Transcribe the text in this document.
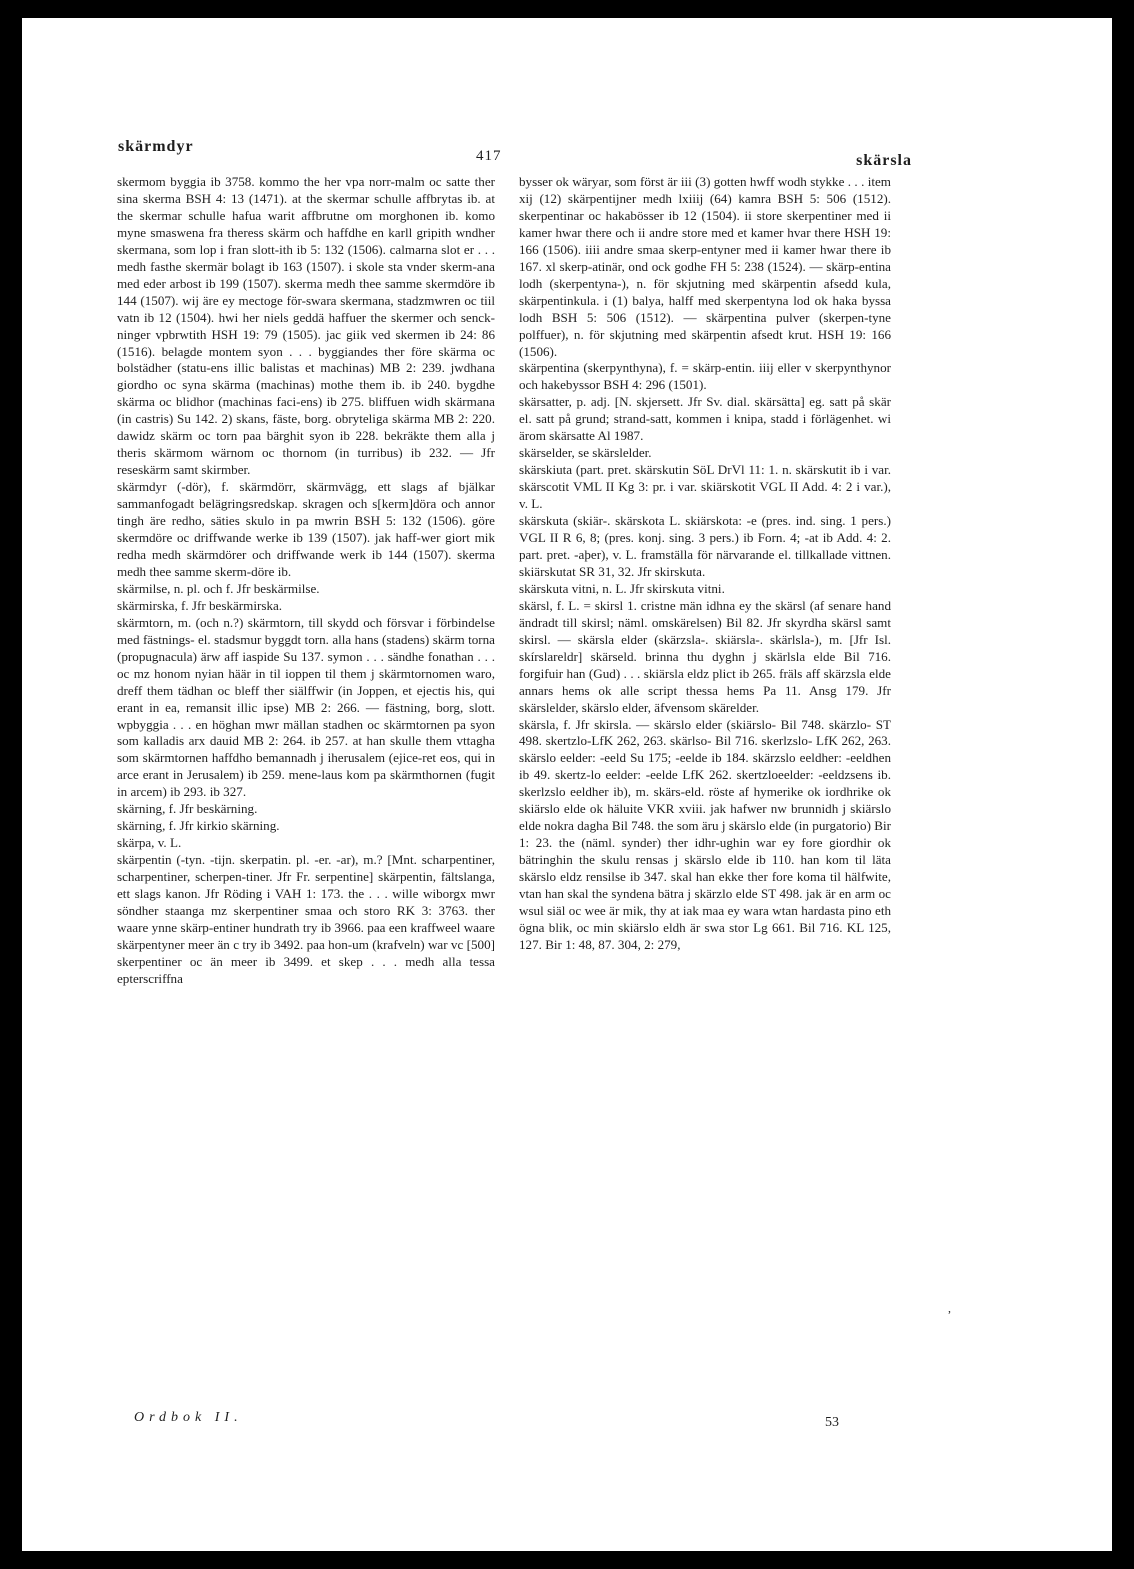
skärmdyr
417	skärsla

skermom byggia ib 3758. kommo the her vpa norr-malm oc satte ther sina skerma BSH 4: 13 (1471). at the skermar schulle affbrytas ib. at the skermar schulle hafua warit affbrutne om morghonen ib. komo myne smaswena fra theress skärm och haffdhe en karll gripith wndher skermana, som lop i fran slott-ith ib 5: 132 (1506). calmarna slot er . . . medh fasthe skermär bolagt ib 163 (1507). i skole sta vnder skerm-ana med eder arbost ib 199 (1507). skerma medh thee samme skermdöre ib 144 (1507). wij äre ey mectoge för-swara skermana, stadzmwren oc tiil vatn ib 12 (1504). hwi her niels geddä haffuer the skermer och senck-ninger vpbrwtith HSH 19: 79 (1505). jac giik ved skermen ib 24: 86 (1516). belagde montem syon . . . byggiandes ther före skärma oc bolstädher (statu-ens illic balistas et machinas) MB 2: 239. jwdhana giordho oc syna skärma (machinas) mothe them ib. ib 240. bygdhe skärma oc blidhor (machinas faci-ens) ib 275. bliffuen widh skärmana (in castris) Su 142. 2) skans, fäste, borg. obryteliga skärma MB 2: 220. dawidz skärm oc torn paa bärghit syon ib 228. bekräkte them alla j theris skärmom wärnom oc thornom (in turribus) ib 232. — Jfr reseskärm samt skirmber.

skärmdyr (-dör), f. skärmdörr, skärmvägg, ett slags af bjälkar sammanfogadt belägringsredskap. skragen och s[kerm]döra och annor tingh äre redho, säties skulo in pa mwrin BSH 5: 132 (1506). göre skermdöre oc driffwande werke ib 139 (1507). jak haff-wer giort mik redha medh skärmdörer och driffwande werk ib 144 (1507). skerma medh thee samme skerm-döre ib.

skärmilse, n. pl. och f. Jfr beskärmilse.

skärmirska, f. Jfr beskärmirska.

skärmtorn, m. (och n.?) skärmtorn, till skydd och försvar i förbindelse med fästnings- el. stadsmur byggdt torn. alla hans (stadens) skärm torna (propugnacula) ärw aff iaspide Su 137. symon . . . sändhe fonathan . . . oc mz honom nyian häär in til ioppen til them j skärmtornomen waro, dreff them tädhan oc bleff ther siälffwir (in Joppen, et ejectis his, qui erant in ea, remansit illic ipse) MB 2: 266. — fästning, borg, slott. wpbyggia . . . en höghan mwr mällan stadhen oc skärmtornen pa syon som kalladis arx dauid MB 2: 264. ib 257. at han skulle them vttagha som skärmtornen haffdho bemannadh j iherusalem (ejice-ret eos, qui in arce erant in Jerusalem) ib 259. mene-laus kom pa skärmthornen (fugit in arcem) ib 293. ib 327.

skärning, f. Jfr beskärning.

skärning, f. Jfr kirkio skärning.

skärpa, v. L.

skärpentin (-tyn. -tijn. skerpatin. pl. -er. -ar), m.? [Mnt. scharpentiner, scharpentiner, scherpen-tiner. Jfr Fr. serpentine] skärpentin, fältslanga, ett slags kanon. Jfr Röding i VAH 1: 173. the . . . wille wiborgx mwr söndher staanga mz skerpentiner smaa och storo RK 3: 3763. ther waare ynne skärp-entiner hundrath try ib 3966. paa een kraffweel waare skärpentyner meer än c try ib 3492. paa hon-um (krafveln) war vc [500] skerpentiner oc än meer ib 3499. et skep . . . medh alla tessa epterscriffna

bysser ok wäryar, som först är iii (3) gotten hwff wodh stykke . . . item xij (12) skärpentijner medh lxiiij (64) kamra BSH 5: 506 (1512). skerpentinar oc hakabösser ib 12 (1504). ii store skerpentiner med ii kamer hwar there och ii andre store med et kamer hvar there HSH 19: 166 (1506). iiii andre smaa skerp-entyner med ii kamer hwar there ib 167. xl skerp-atinär, ond ock godhe FH 5: 238 (1524). — skärp-entina lodh (skerpentyna-), n. för skjutning med skärpentin afsedd kula, skärpentinkula. i (1) balya, halff med skerpentyna lod ok haka byssa lodh BSH 5: 506 (1512). — skärpentina pulver (skerpen-tyne polffuer), n. för skjutning med skärpentin afsedt krut. HSH 19: 166 (1506).

skärpentina (skerpynthyna), f. = skärp-entin. iiij eller v skerpynthynor och hakebyssor BSH 4: 296 (1501).

skärsatter, p. adj. [N. skjersett. Jfr Sv. dial. skärsätta] eg. satt på skär el. satt på grund; strand-satt, kommen i knipa, stadd i förlägenhet. wi ärom skärsatte Al 1987.

skärselder, se skärslelder.

skärskiuta (part. pret. skärskutin SöL DrVl 11: 1. n. skärskutit ib i var. skärscotit VML II Kg 3: pr. i var. skiärskotit VGL II Add. 4: 2 i var.), v. L.

skärskuta (skiär-. skärskota L. skiärskota: -e (pres. ind. sing. 1 pers.) VGL II R 6, 8; (pres. konj. sing. 3 pers.) ib Forn. 4; -at ib Add. 4: 2. part. pret. -aþer), v. L. framställa för närvarande el. tillkallade vittnen. skiärskutat SR 31, 32. Jfr skirskuta.

skärskuta vitni, n. L. Jfr skirskuta vitni.

skärsl, f. L. = skirsl 1. cristne män idhna ey the skärsl (af senare hand ändradt till skirsl; näml. omskärelsen) Bil 82. Jfr skyrdha skärsl samt skirsl. — skärsla elder (skärzsla-. skiärsla-. skärlsla-), m. [Jfr Isl. skírslareldr] skärseld. brinna thu dyghn j skärlsla elde Bil 716. forgifuir han (Gud) . . . skiärsla eldz plict ib 265. fräls aff skärzsla elde annars hems ok alle script thessa hems Pa 11. Ansg 179. Jfr skärslelder, skärslo elder, äfvensom skärelder.

skärsla, f. Jfr skirsla. — skärslo elder (skiärslo- Bil 748. skärzlo- ST 498. skertzlo-LfK 262, 263. skärlso- Bil 716. skerlzslo- LfK 262, 263. skärslo eelder: -eeld Su 175; -eelde ib 184. skärzslo eeldher: -eeldhen ib 49. skertz-lo eelder: -eelde LfK 262. skertzloeelder: -eeldzsens ib. skerlzslo eeldher ib), m. skärs-eld. röste af hymerike ok iordhrike ok skiärslo elde ok häluite VKR xviii. jak hafwer nw brunnidh j skiärslo elde nokra dagha Bil 748. the som äru j skärslo elde (in purgatorio) Bir 1: 23. the (näml. synder) ther idhr-ughin war ey fore giordhir ok bätringhin the skulu rensas j skärslo elde ib 110. han kom til läta skärslo eldz rensilse ib 347. skal han ekke ther fore koma til hälfwite, vtan han skal the syndena bätra j skärzlo elde ST 498. jak är en arm oc wsul siäl oc wee är mik, thy at iak maa ey wara wtan hardasta pino eth ögna blik, oc min skiärslo eldh är swa stor Lg 661. Bil 716. KL 125, 127. Bir 1: 48, 87. 304, 2: 279,

Ordbok II.	53
,
